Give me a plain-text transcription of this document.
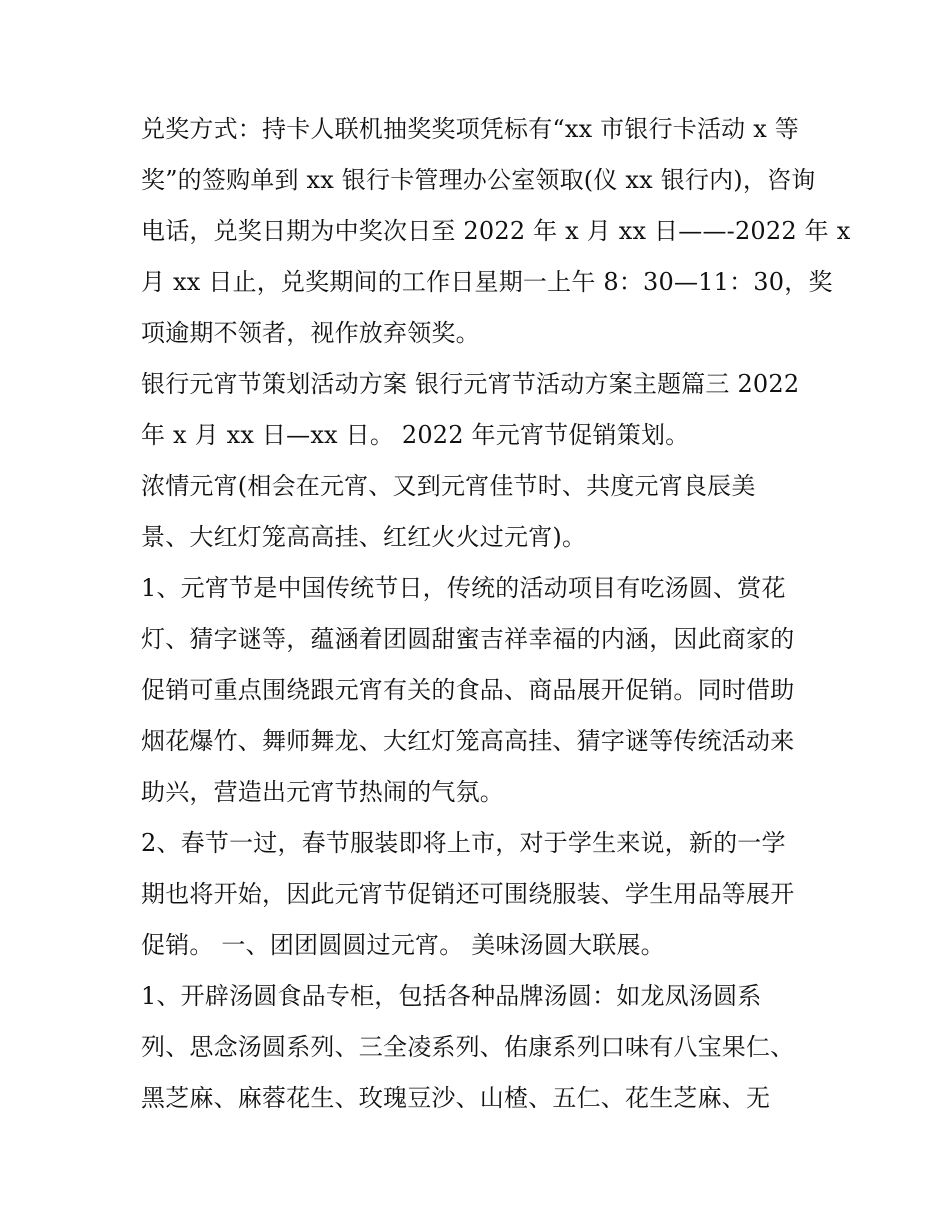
兑奖方式：持卡人联机抽奖奖项凭标有“xx 市银行卡活动 x 等
奖”的签购单到 xx 银行卡管理办公室领取(仪 xx 银行内)，咨询
电话，兑奖日期为中奖次日至 2022 年 x 月 xx 日——-2022 年 x
月 xx 日止，兑奖期间的工作日星期一上午 8：30—11：30，奖
项逾期不领者，视作放弃领奖。
银行元宵节策划活动方案 银行元宵节活动方案主题篇三 2022
年 x 月 xx 日—xx 日。 2022 年元宵节促销策划。
浓情元宵(相会在元宵、又到元宵佳节时、共度元宵良辰美
景、大红灯笼高高挂、红红火火过元宵)。
1、元宵节是中国传统节日，传统的活动项目有吃汤圆、赏花
灯、猜字谜等，蕴涵着团圆甜蜜吉祥幸福的内涵，因此商家的
促销可重点围绕跟元宵有关的食品、商品展开促销。同时借助
烟花爆竹、舞师舞龙、大红灯笼高高挂、猜字谜等传统活动来
助兴，营造出元宵节热闹的气氛。
2、春节一过，春节服装即将上市，对于学生来说，新的一学
期也将开始，因此元宵节促销还可围绕服装、学生用品等展开
促销。 一、团团圆圆过元宵。 美味汤圆大联展。
1、开辟汤圆食品专柜，包括各种品牌汤圆：如龙凤汤圆系
列、思念汤圆系列、三全凌系列、佑康系列口味有八宝果仁、
黑芝麻、麻蓉花生、玫瑰豆沙、山楂、五仁、花生芝麻、无
